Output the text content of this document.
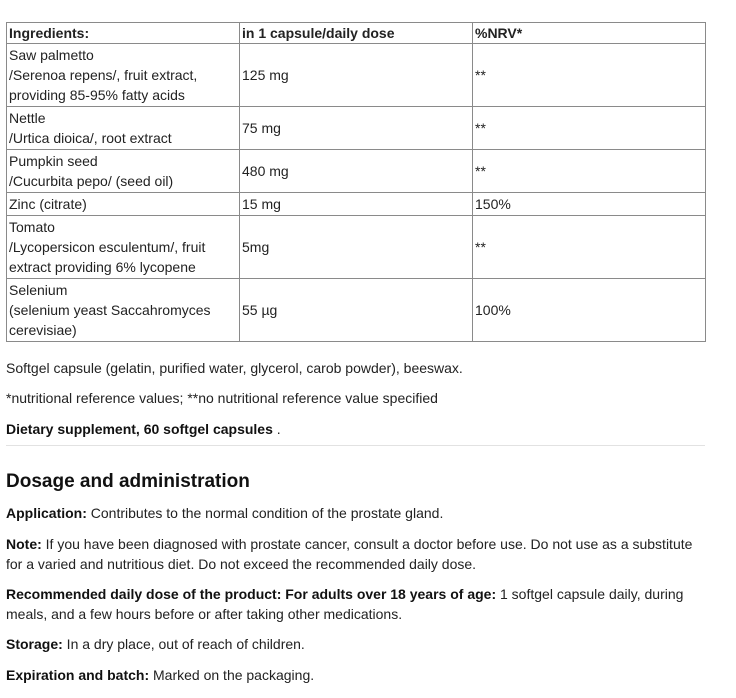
Ingredients:	in 1 capsule/daily dose	%NRV*
Saw palmetto
/Serenoa repens/, fruit extract,
providing 85-95% fatty acids	125 mg	**
Nettle
/Urtica dioica/, root extract	75 mg	**
Pumpkin seed
/Cucurbita pepo/ (seed oil)	480 mg	**
Zinc (citrate)	15 mg	150%
Tomato
/Lycopersicon esculentum/, fruit
extract providing 6% lycopene	5mg	**
Selenium
(selenium yeast Saccahromyces
cerevisiae)	55 µg	100%

Softgel capsule (gelatin, purified water, glycerol, carob powder), beeswax.

*nutritional reference values; **no nutritional reference value specified

Dietary supplement, 60 softgel capsules .

Dosage and administration

Application: Contributes to the normal condition of the prostate gland.

Note: If you have been diagnosed with prostate cancer, consult a doctor before use. Do not use as a substitute for a varied and nutritious diet. Do not exceed the recommended daily dose.

Recommended daily dose of the product: For adults over 18 years of age: 1 softgel capsule daily, during meals, and a few hours before or after taking other medications.

Storage: In a dry place, out of reach of children.

Expiration and batch: Marked on the packaging.
